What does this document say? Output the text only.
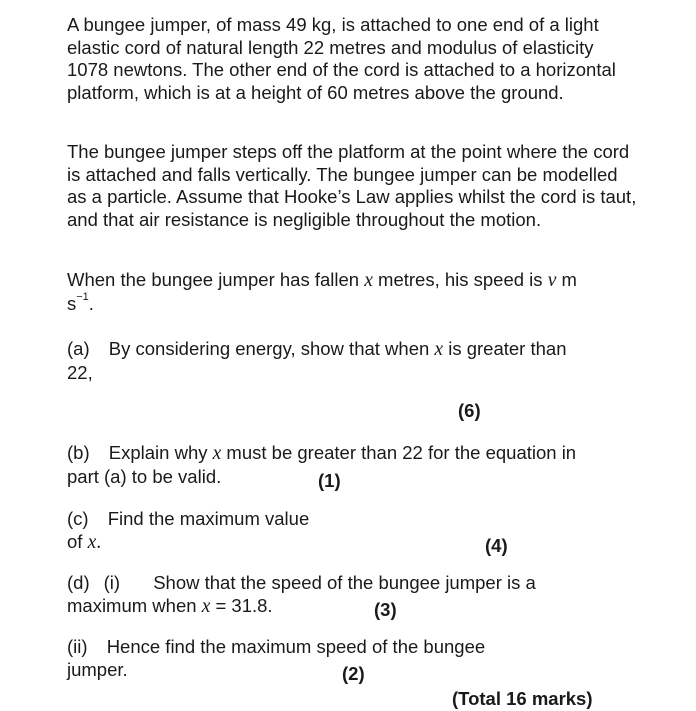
A bungee jumper, of mass 49 kg, is attached to one end of a light elastic cord of natural length 22 metres and modulus of elasticity 1078 newtons. The other end of the cord is attached to a horizontal platform, which is at a height of 60 metres above the ground.

The bungee jumper steps off the platform at the point where the cord is attached and falls vertically. The bungee jumper can be modelled as a particle. Assume that Hooke’s Law applies whilst the cord is taut, and that air resistance is negligible throughout the motion.

When the bungee jumper has fallen x metres, his speed is v m
$s^{-1}$.

(a) By considering energy, show that when x is greater than
22,

(6)

(b) Explain why x must be greater than 22 for the equation in
part (a) to be valid.	(1)

(c) Find the maximum value
of x.	(4)

(d) (i) Show that the speed of the bungee jumper is a
maximum when x = 31.8.	(3)

(ii) Hence find the maximum speed of the bungee
jumper.	(2)
(Total 16 marks)
